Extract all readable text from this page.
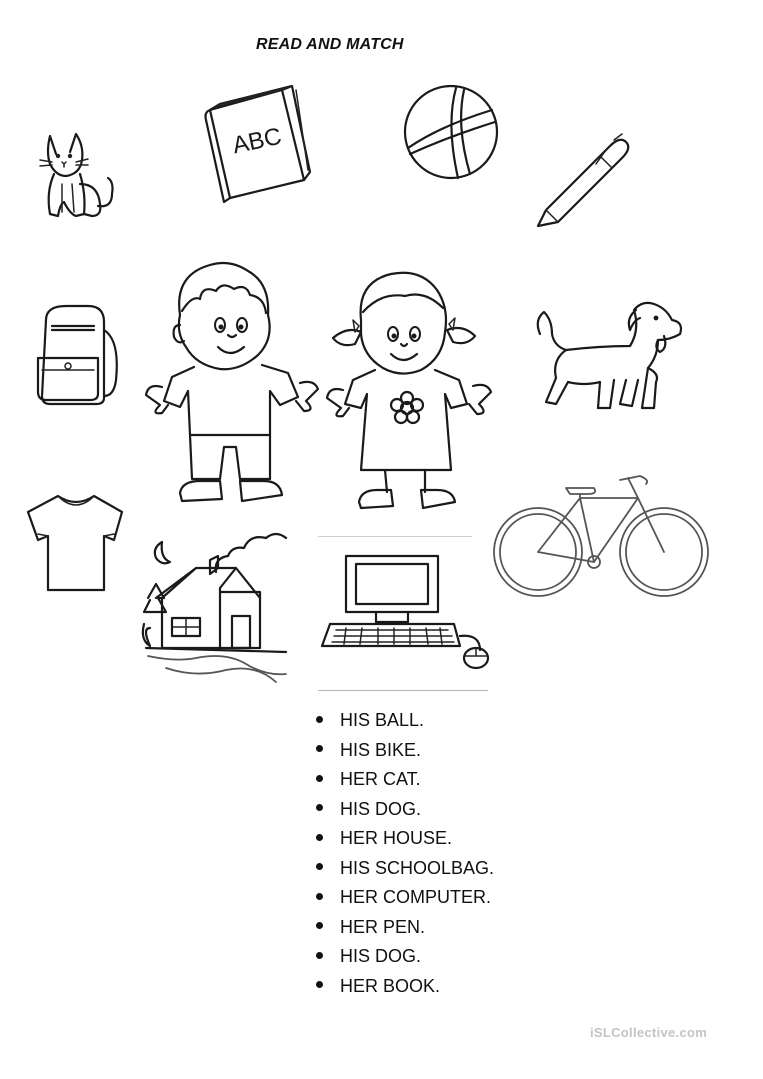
READ AND MATCH
ABC
HIS BALL.
HIS BIKE.
HER CAT.
HIS DOG.
HER HOUSE.
HIS SCHOOLBAG.
HER COMPUTER.
HER PEN.
HIS DOG.
HER BOOK.
iSLCollective.com
